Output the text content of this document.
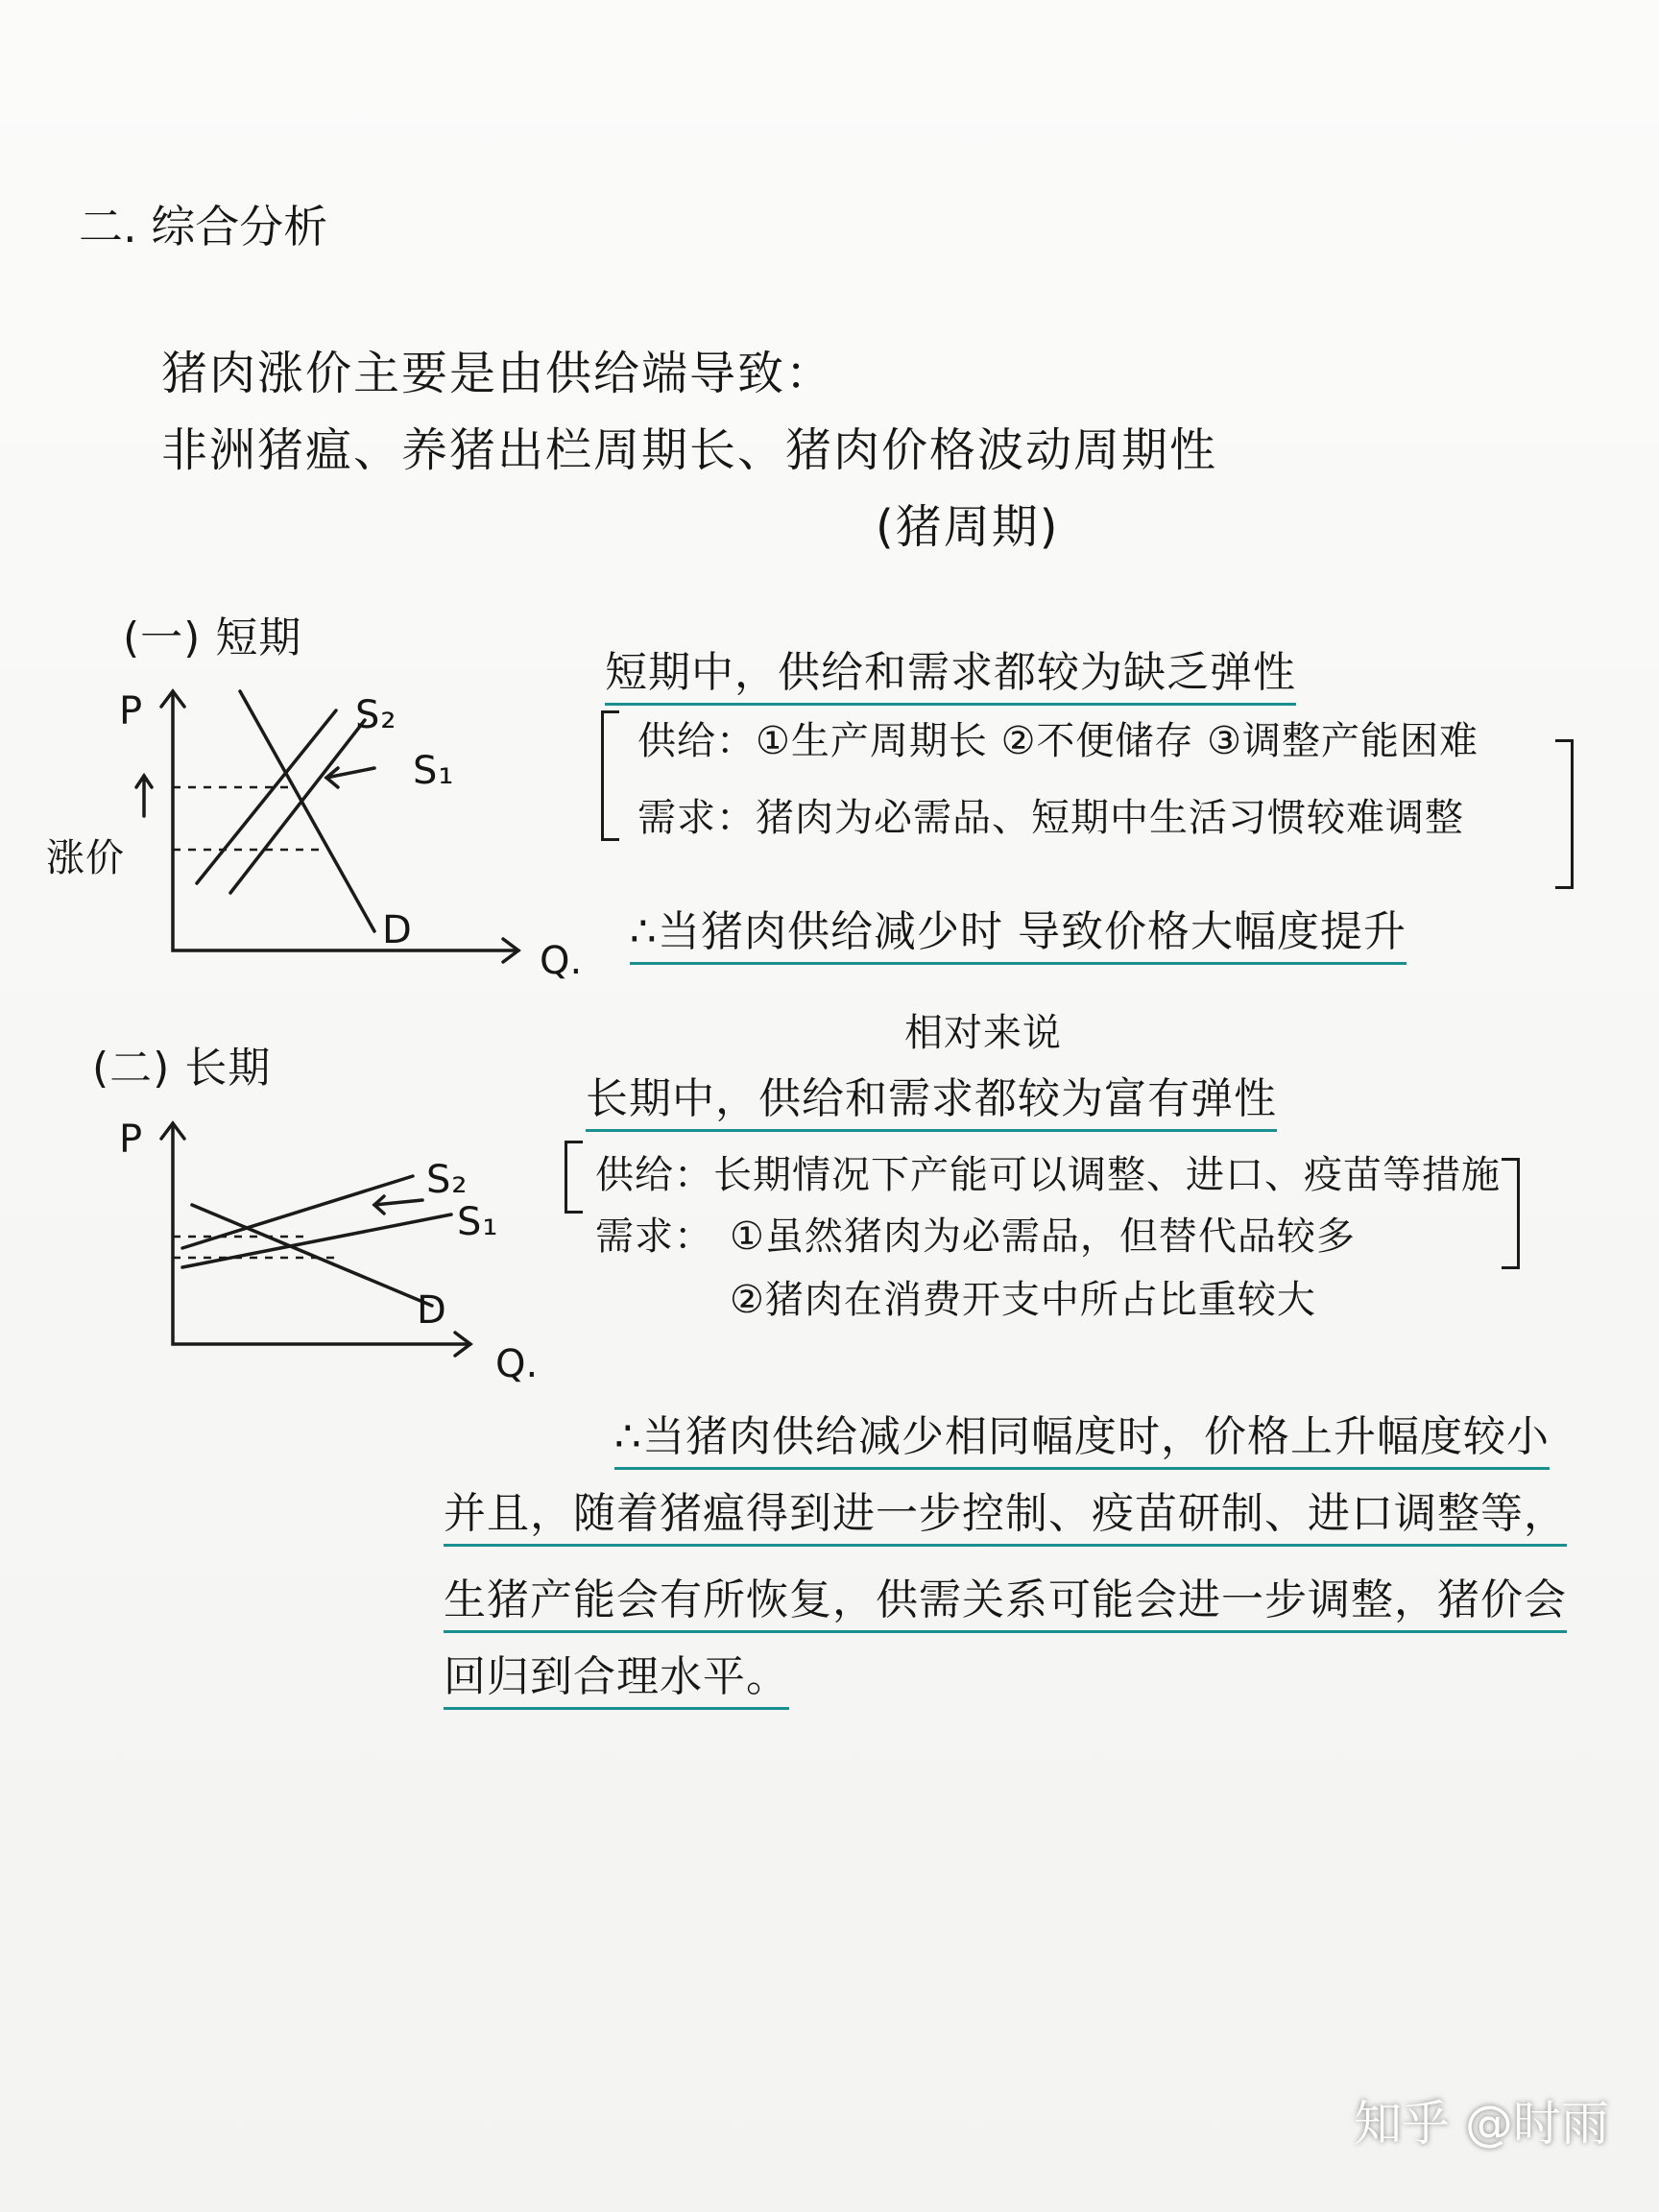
二. 综合分析
猪肉涨价主要是由供给端导致：
非洲猪瘟、养猪出栏周期长、猪肉价格波动周期性
(猪周期)
(一) 短期
P
Q.
涨价
S₂
S₁
D
短期中，供给和需求都较为缺乏弹性
供给：①生产周期长 ②不便储存 ③调整产能困难
需求：猪肉为必需品、短期中生活习惯较难调整
∴当猪肉供给减少时 导致价格大幅度提升
(二) 长期
P
Q.
S₂
S₁
D
相对来说
长期中，供给和需求都较为富有弹性
供给：长期情况下产能可以调整、进口、疫苗等措施
需求： ①虽然猪肉为必需品，但替代品较多
②猪肉在消费开支中所占比重较大
∴当猪肉供给减少相同幅度时，价格上升幅度较小
并且，随着猪瘟得到进一步控制、疫苗研制、进口调整等，
生猪产能会有所恢复，供需关系可能会进一步调整，猪价会
回归到合理水平。
知乎 @时雨
